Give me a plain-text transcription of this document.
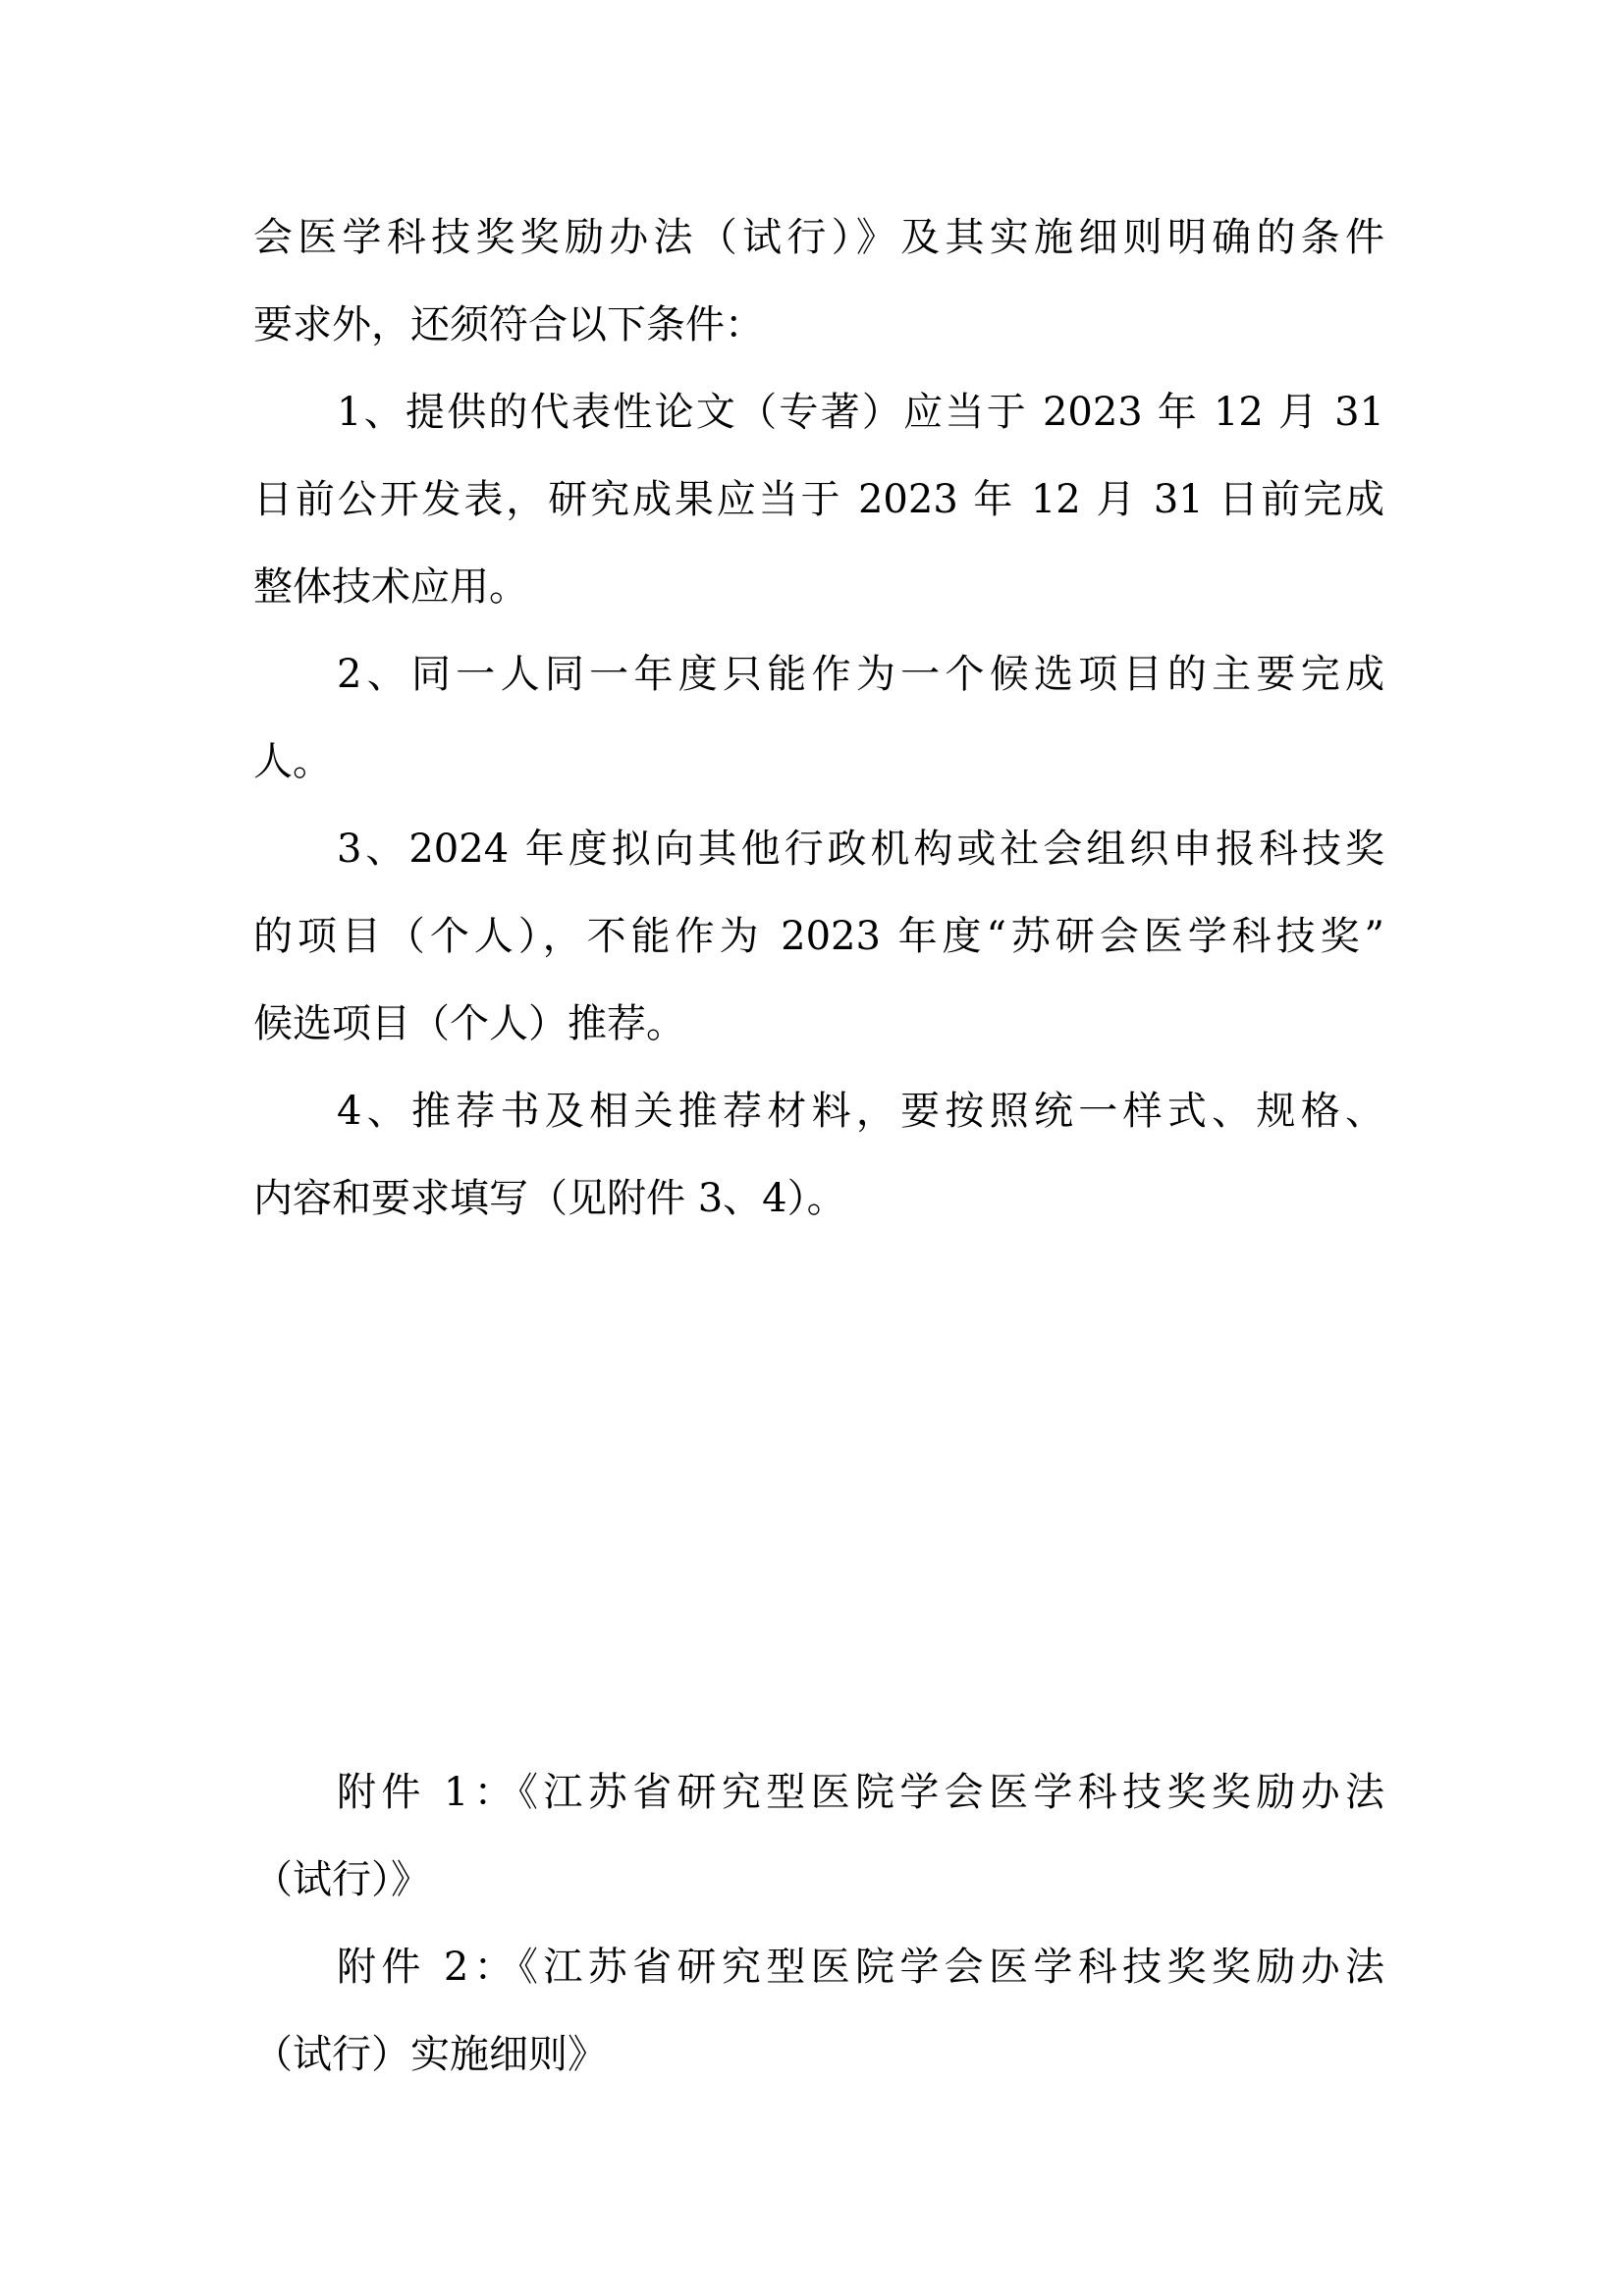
会医学科技奖奖励办法（试行）》及其实施细则明确的条件
要求外，还须符合以下条件：
1、提供的代表性论文（专著）应当于 2023 年 12 月 31
日前公开发表，研究成果应当于 2023 年 12 月 31 日前完成
整体技术应用。
2、同一人同一年度只能作为一个候选项目的主要完成
人。
3、2024 年度拟向其他行政机构或社会组织申报科技奖
的项目（个人），不能作为 2023 年度“苏研会医学科技奖”
候选项目（个人）推荐。
4、推荐书及相关推荐材料，要按照统一样式、规格、
内容和要求填写（见附件 3、4）。
附件 1：《江苏省研究型医院学会医学科技奖奖励办法
（试行）》
附件 2：《江苏省研究型医院学会医学科技奖奖励办法
（试行）实施细则》
